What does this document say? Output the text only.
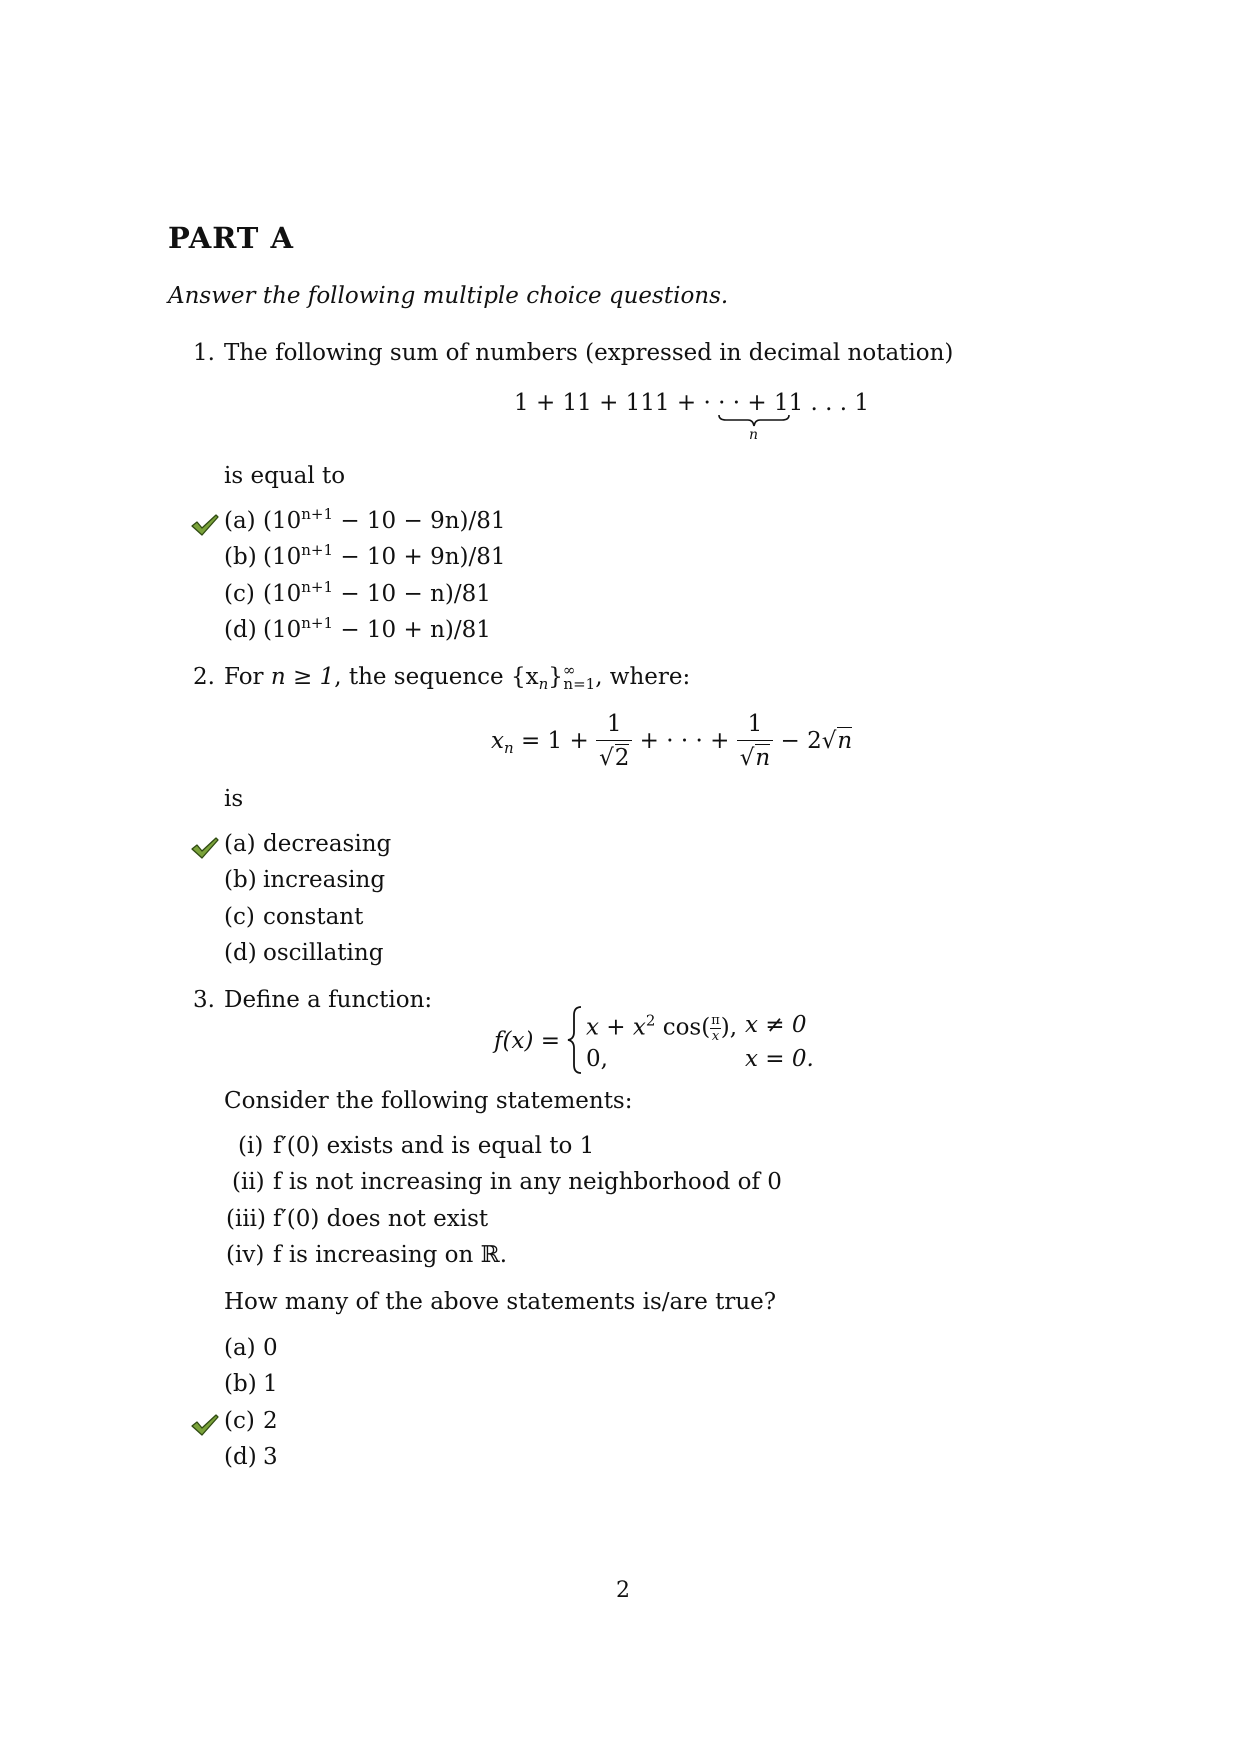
PART A
Answer the following multiple choice questions.
1. The following sum of numbers (expressed in decimal notation)
1 + 11 + 111 + · · · + 11 . . . 1
n
is equal to
(a) $(10^{n+1} - 10 - 9n)/81$
(b) $(10^{n+1} - 10 + 9n)/81$
(c) $(10^{n+1} - 10 - n)/81$
(d) $(10^{n+1} - 10 + n)/81$
2. For n ≥ 1, the sequence $\{x_n\}^\infty_{n=1}$, where:
$x_n = 1 + \frac{1}{√2}$ + · · · + $\frac{1}{√n} - 2√n$
is
(a) decreasing
(b) increasing
(c) constant
(d) oscillating
3. Define a function:
f(x) =
$x + x^2$ $\cos( \frac{\pi}{x}$ ), x ≠ 0
0,	x = 0.
Consider the following statements:
(i) f′(0) exists and is equal to 1
(ii) f is not increasing in any neighborhood of 0
(iii) f′(0) does not exist
(iv) f is increasing on ℝ.
How many of the above statements is/are true?
(a) 0
(b) 1
(c) 2
(d) 3
2
